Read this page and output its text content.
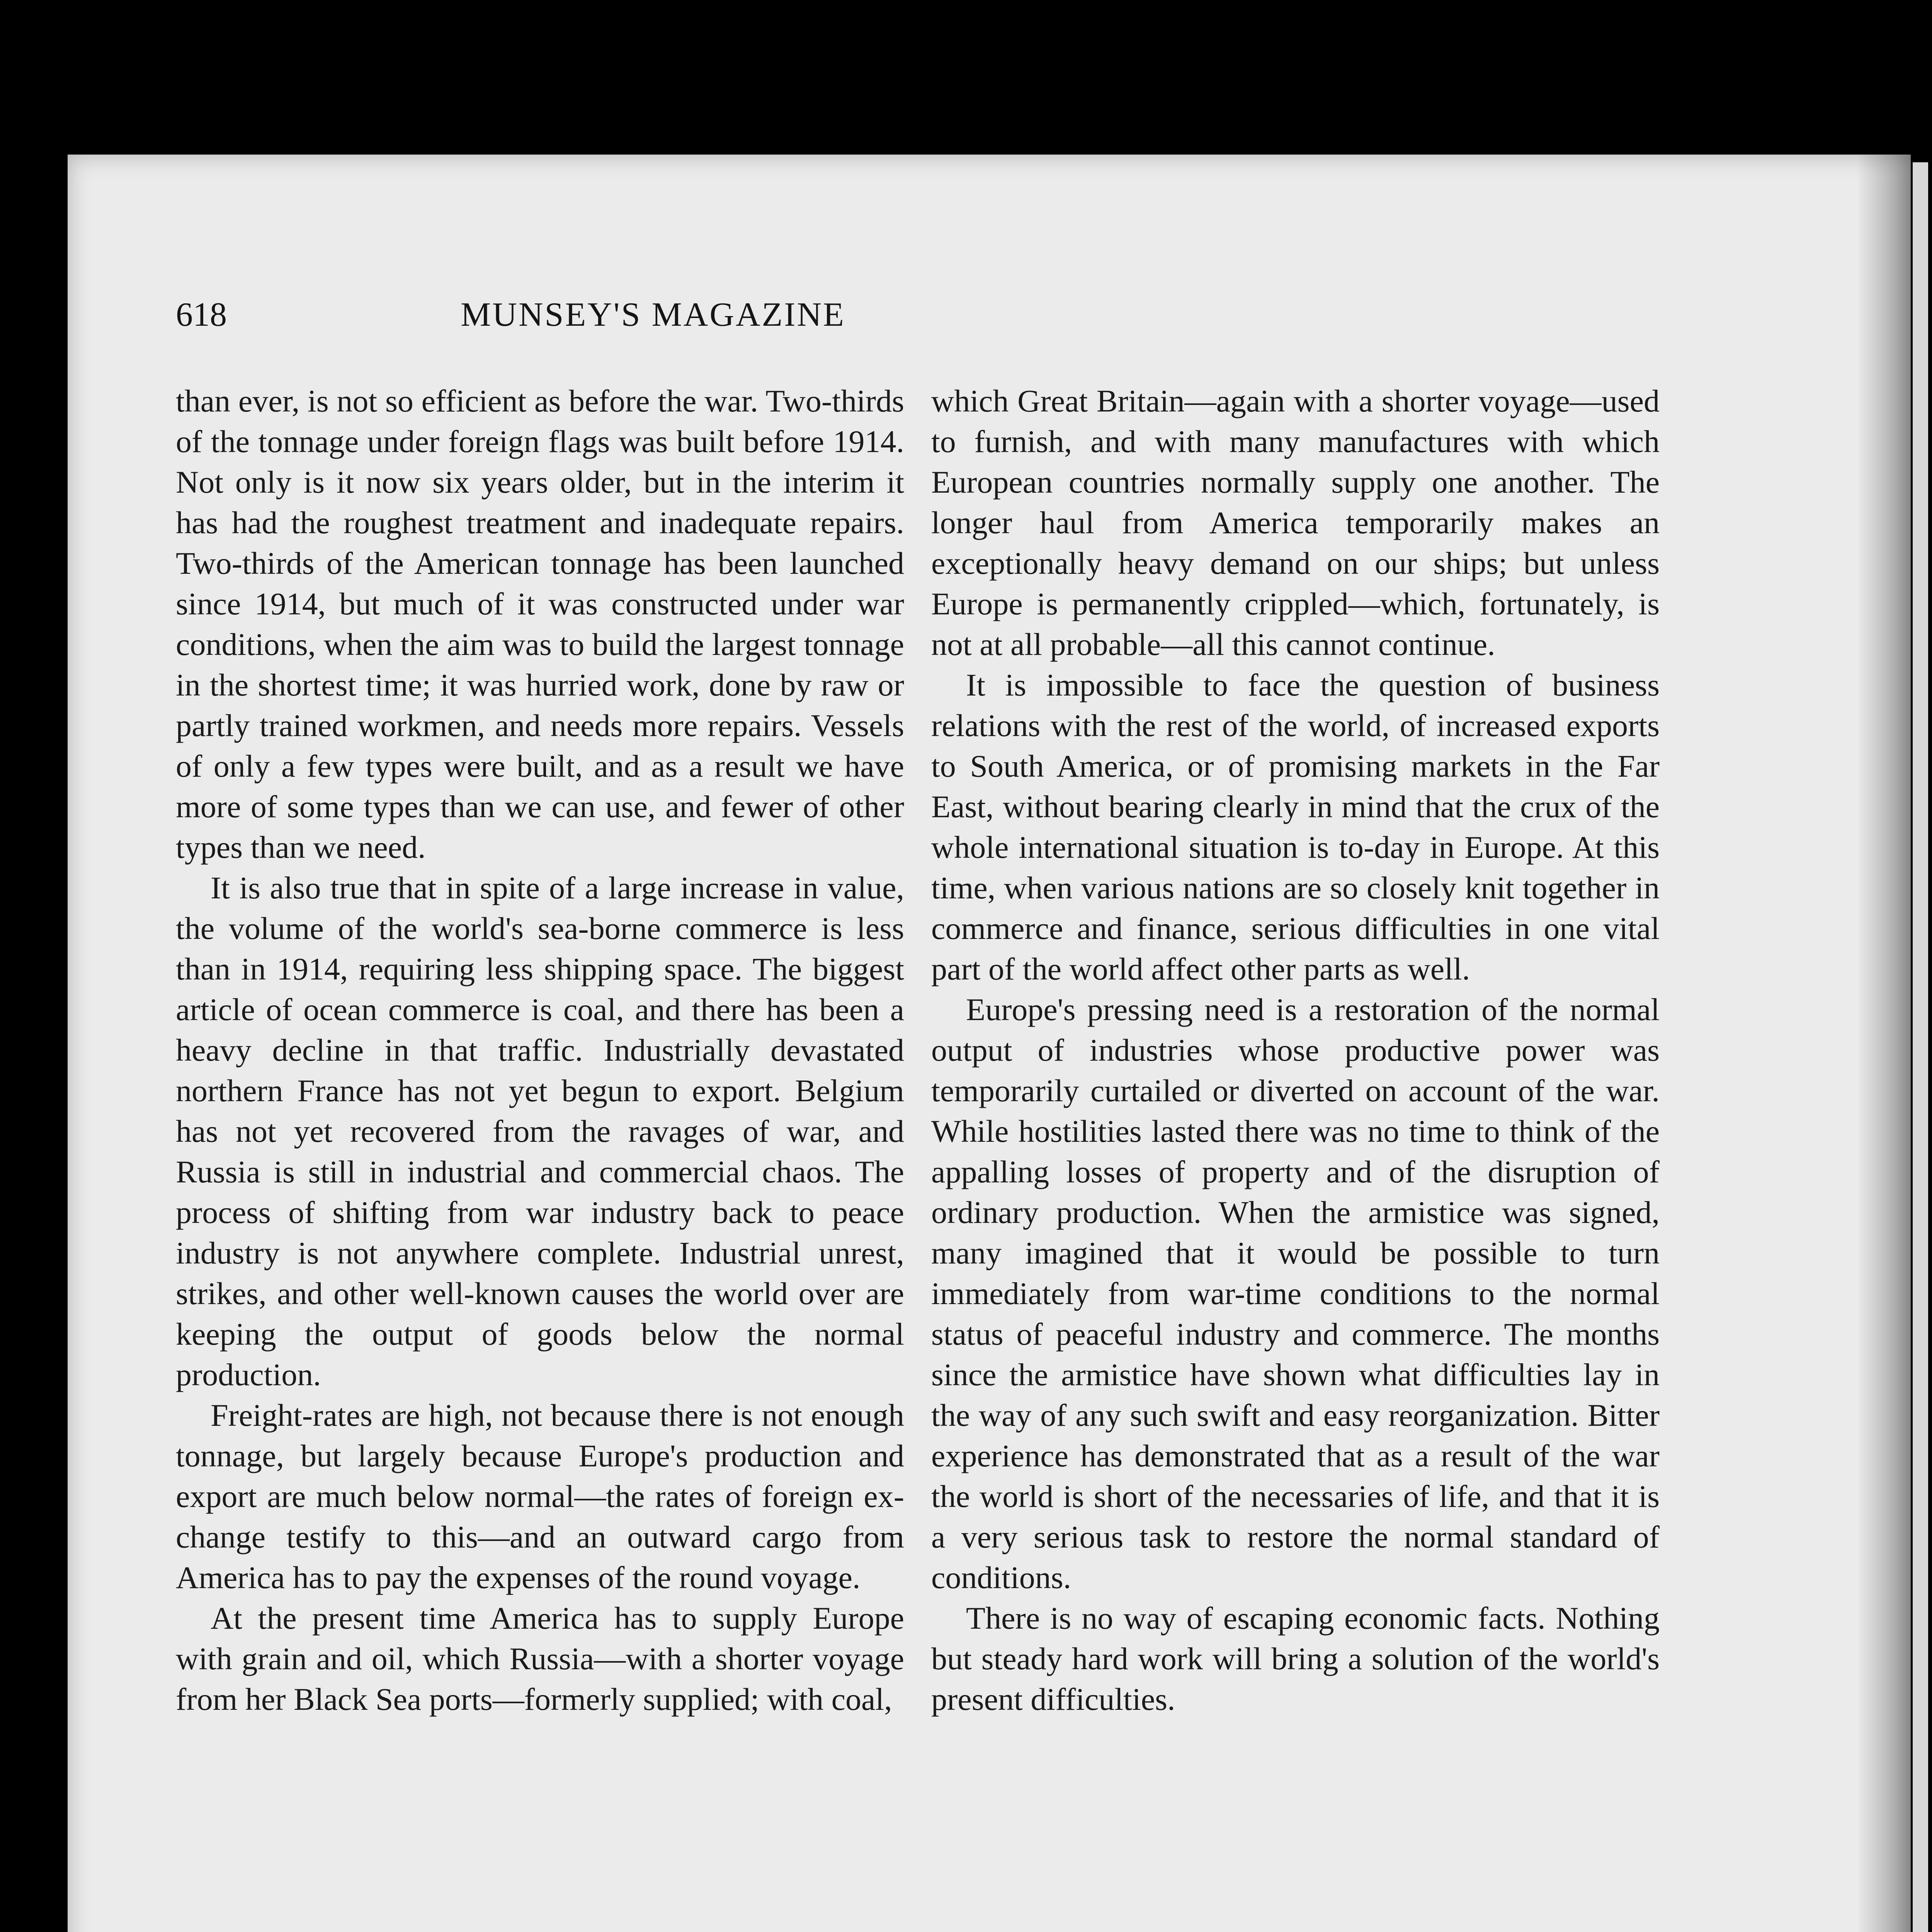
618	MUNSEY'S MAGAZINE

than ever, is not so efficient as before the war. Two-thirds of the tonnage under foreign flags was built before 1914. Not only is it now six years older, but in the interim it has had the roughest treatment and inadequate repairs. Two-thirds of the American tonnage has been launched since 1914, but much of it was constructed under war conditions, when the aim was to build the largest tonnage in the shortest time; it was hurried work, done by raw or partly trained workmen, and needs more repairs. Vessels of only a few types were built, and as a result we have more of some types than we can use, and fewer of other types than we need.

It is also true that in spite of a large increase in value, the volume of the world's sea-borne commerce is less than in 1914, requiring less shipping space. The biggest article of ocean commerce is coal, and there has been a heavy decline in that traffic. Industrially devastated northern France has not yet begun to export. Belgium has not yet recovered from the ravages of war, and Russia is still in industrial and commercial chaos. The process of shifting from war industry back to peace industry is not anywhere complete. Industrial unrest, strikes, and other well-known causes the world over are keeping the output of goods below the normal production.

Freight-rates are high, not because there is not enough tonnage, but largely because Europe's production and export are much below normal—the rates of foreign exchange testify to this—and an outward cargo from America has to pay the expenses of the round voyage.

At the present time America has to supply Europe with grain and oil, which Russia—with a shorter voyage from her Black Sea ports—formerly supplied; with coal,

which Great Britain—again with a shorter voyage—used to furnish, and with many manufactures with which European countries normally supply one another. The longer haul from America temporarily makes an exceptionally heavy demand on our ships; but unless Europe is permanently crippled—which, fortunately, is not at all probable—all this cannot continue.

It is impossible to face the question of business relations with the rest of the world, of increased exports to South America, or of promising markets in the Far East, without bearing clearly in mind that the crux of the whole international situation is to-day in Europe. At this time, when various nations are so closely knit together in commerce and finance, serious difficulties in one vital part of the world affect other parts as well.

Europe's pressing need is a restoration of the normal output of industries whose productive power was temporarily curtailed or diverted on account of the war. While hostilities lasted there was no time to think of the appalling losses of property and of the disruption of ordinary production. When the armistice was signed, many imagined that it would be possible to turn immediately from war-time conditions to the normal status of peaceful industry and commerce. The months since the armistice have shown what difficulties lay in the way of any such swift and easy reorganization. Bitter experience has demonstrated that as a result of the war the world is short of the necessaries of life, and that it is a very serious task to restore the normal standard of conditions.

There is no way of escaping economic facts. Nothing but steady hard work will bring a solution of the world's present difficulties.
